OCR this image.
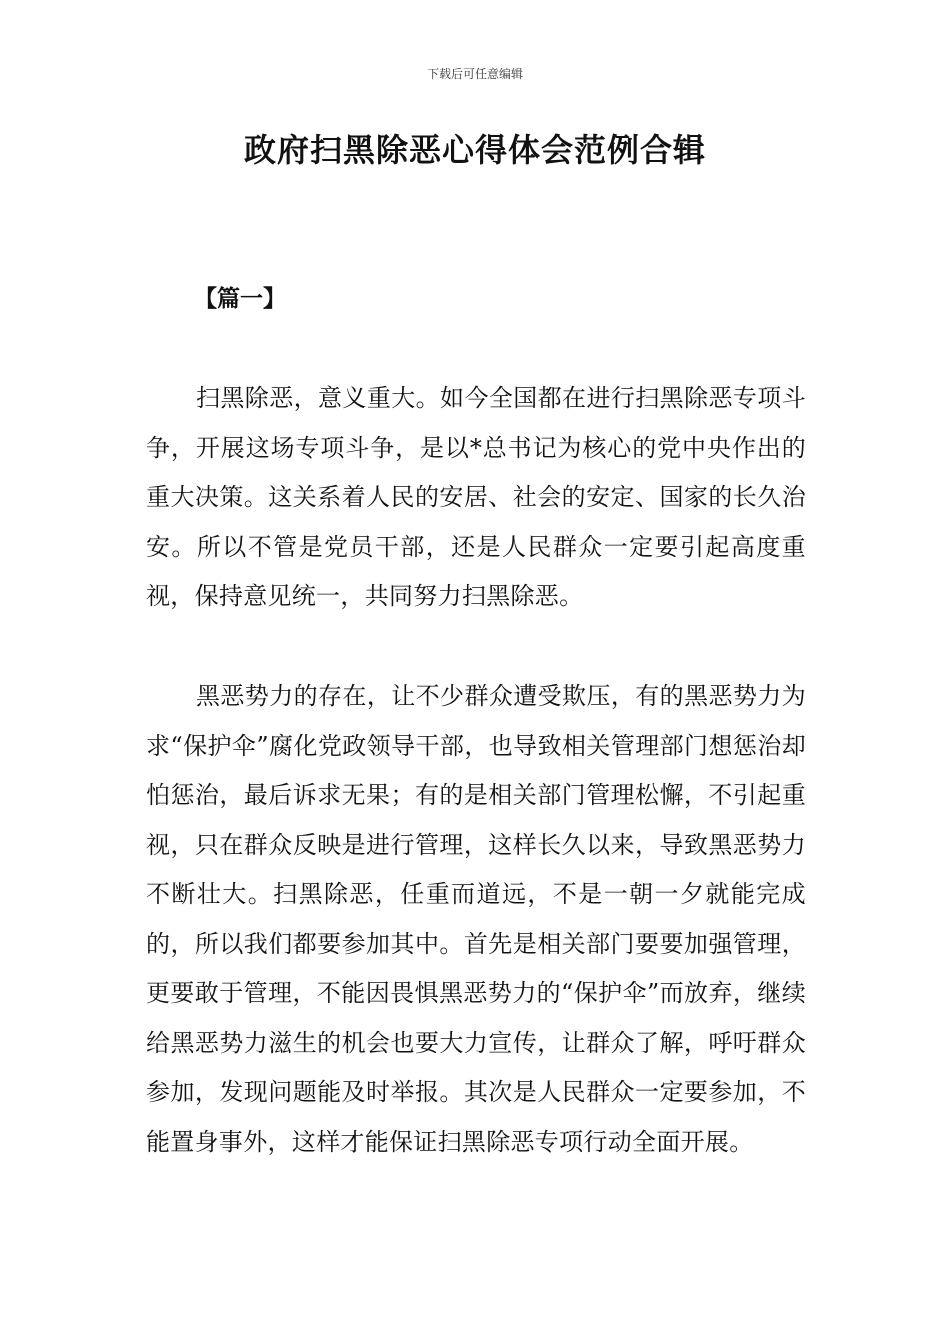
下载后可任意编辑
政府扫黑除恶心得体会范例合辑
【篇一】

扫黑除恶，意义重大。如今全国都在进行扫黑除恶专项斗争，开展这场专项斗争，是以*总书记为核心的党中央作出的重大决策。这关系着人民的安居、社会的安定、国家的长久治安。所以不管是党员干部，还是人民群众一定要引起高度重视，保持意见统一，共同努力扫黑除恶。

黑恶势力的存在，让不少群众遭受欺压，有的黑恶势力为求“保护伞”腐化党政领导干部，也导致相关管理部门想惩治却怕惩治，最后诉求无果；有的是相关部门管理松懈，不引起重视，只在群众反映是进行管理，这样长久以来，导致黑恶势力不断壮大。扫黑除恶，任重而道远，不是一朝一夕就能完成的，所以我们都要参加其中。首先是相关部门要要加强管理，更要敢于管理，不能因畏惧黑恶势力的“保护伞”而放弃，继续给黑恶势力滋生的机会也要大力宣传，让群众了解，呼吁群众参加，发现问题能及时举报。其次是人民群众一定要参加，不能置身事外，这样才能保证扫黑除恶专项行动全面开展。
